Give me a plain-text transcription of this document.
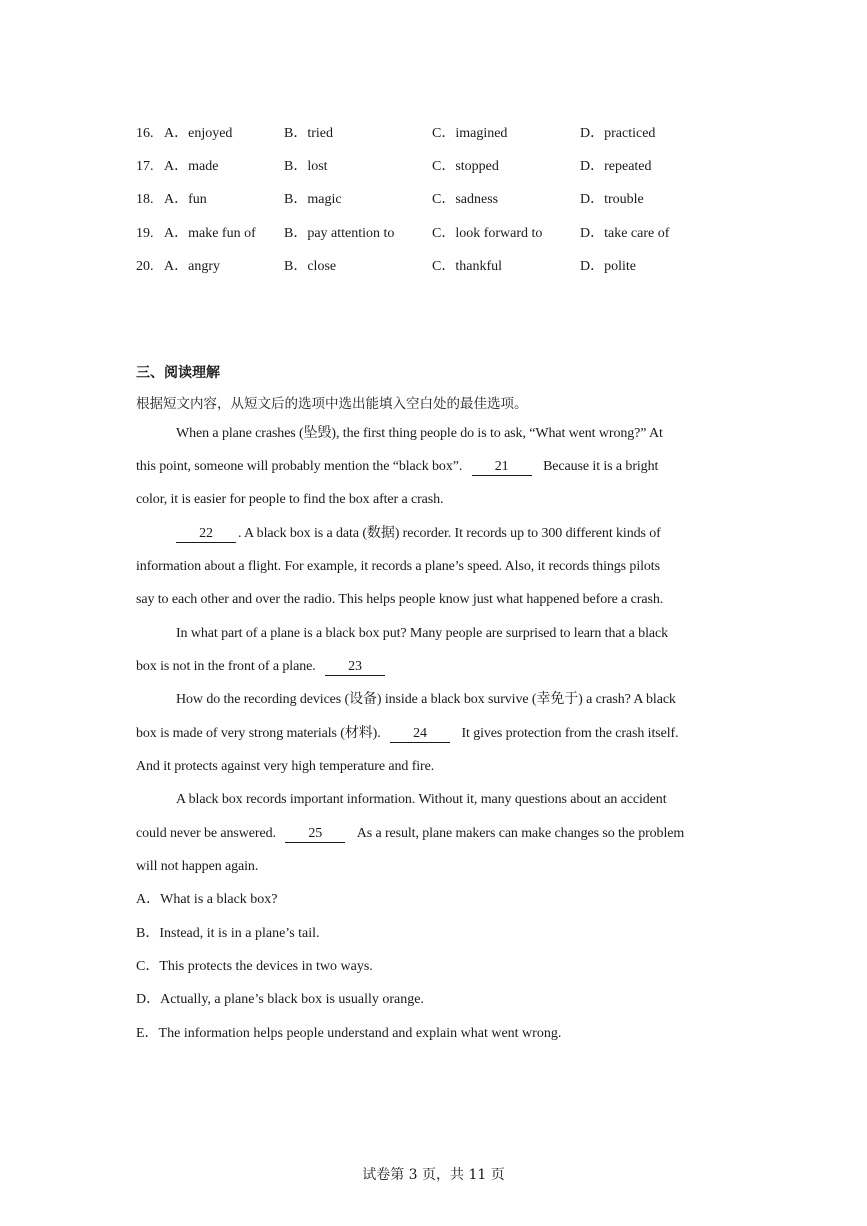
16. A．enjoyed	B．tried	C．imagined	D．practiced
17. A．made	B．lost	C．stopped	D．repeated
18. A．fun	B．magic	C．sadness	D．trouble
19. A．make fun of B．pay attention to	C．look forward to	D．take care of
20. A．angry	B．close	C．thankful	D．polite
三、阅读理解
根据短文内容，从短文后的选项中选出能填入空白处的最佳选项。
When a plane crashes (坠毁), the first thing people do is to ask, “What went wrong?” At
this point, someone will probably mention the “black box”. 21 Because it is a bright
color, it is easier for people to find the box after a crash.
22 . A black box is a data (数据) recorder. It records up to 300 different kinds of
information about a flight. For example, it records a plane’s speed. Also, it records things pilots
say to each other and over the radio. This helps people know just what happened before a crash.
In what part of a plane is a black box put? Many people are surprised to learn that a black
box is not in the front of a plane. 23
How do the recording devices (设备) inside a black box survive (幸免于) a crash? A black
box is made of very strong materials (材料). 24 It gives protection from the crash itself.
And it protects against very high temperature and fire.
A black box records important information. Without it, many questions about an accident
could never be answered. 25 As a result, plane makers can make changes so the problem
will not happen again.
A．What is a black box?
B．Instead, it is in a plane’s tail.
C．This protects the devices in two ways.
D．Actually, a plane’s black box is usually orange.
E．The information helps people understand and explain what went wrong.
试卷第 3 页，共 11 页
